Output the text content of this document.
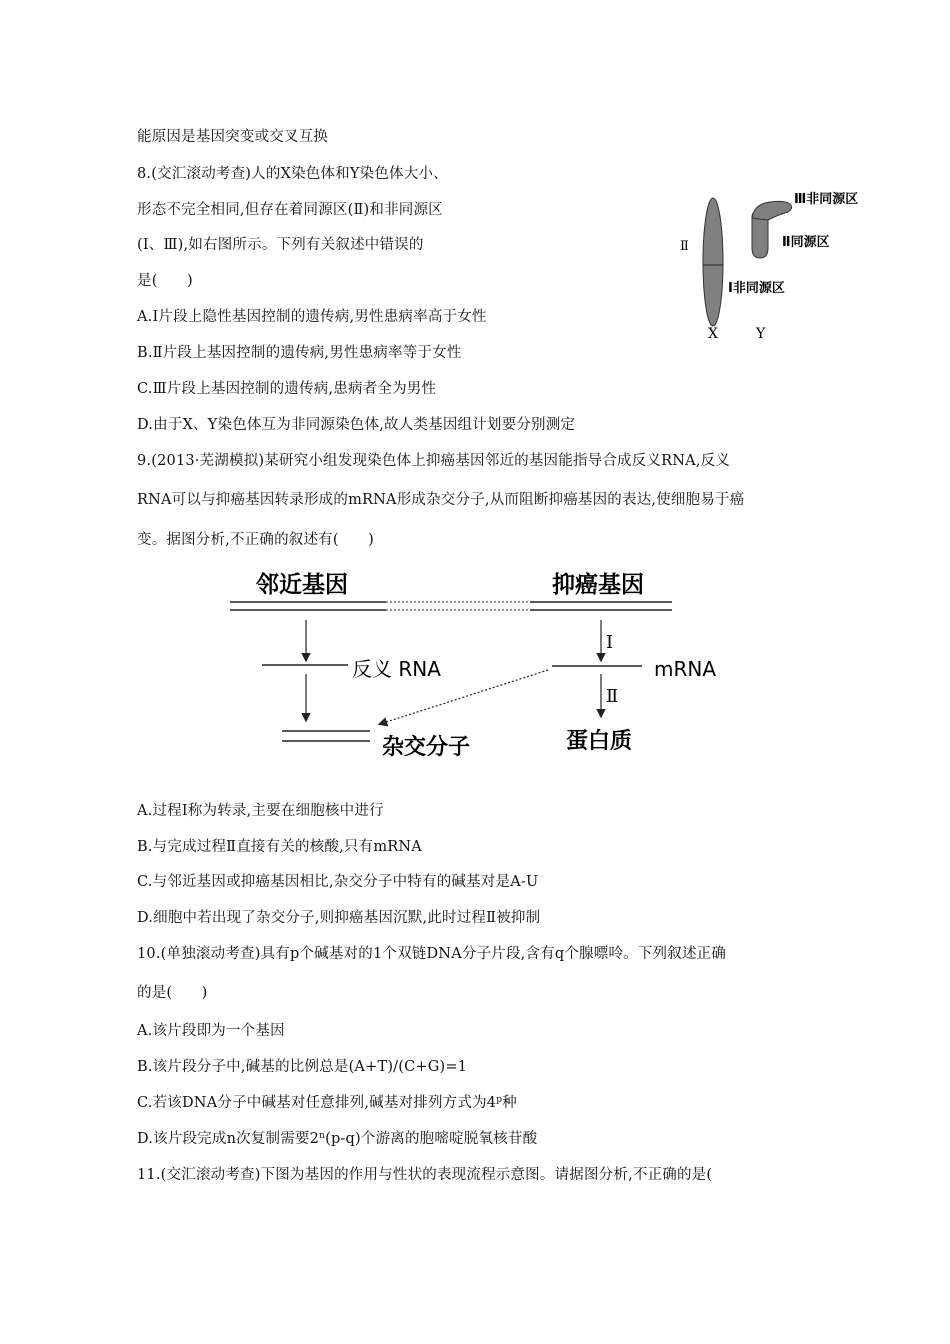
能原因是基因突变或交叉互换
8.(交汇滚动考查)人的X染色体和Y染色体大小、
形态不完全相同,但存在着同源区(Ⅱ)和非同源区
(Ⅰ、Ⅲ),如右图所示。下列有关叙述中错误的
是(　　)
A.Ⅰ片段上隐性基因控制的遗传病,男性患病率高于女性
B.Ⅱ片段上基因控制的遗传病,男性患病率等于女性
C.Ⅲ片段上基因控制的遗传病,患病者全为男性
D.由于X、Y染色体互为非同源染色体,故人类基因组计划要分别测定
9.(2013·芜湖模拟)某研究小组发现染色体上抑癌基因邻近的基因能指导合成反义RNA,反义
RNA可以与抑癌基因转录形成的mRNA形成杂交分子,从而阻断抑癌基因的表达,使细胞易于癌
变。据图分析,不正确的叙述有(　　)
A.过程Ⅰ称为转录,主要在细胞核中进行
B.与完成过程Ⅱ直接有关的核酸,只有mRNA
C.与邻近基因或抑癌基因相比,杂交分子中特有的碱基对是A-U
D.细胞中若出现了杂交分子,则抑癌基因沉默,此时过程Ⅱ被抑制
10.(单独滚动考查)具有p个碱基对的1个双链DNA分子片段,含有q个腺嘌呤。下列叙述正确
的是(　　)
A.该片段即为一个基因
B.该片段分子中,碱基的比例总是(A+T)/(C+G)=1
C.若该DNA分子中碱基对任意排列,碱基对排列方式为4$^p$种
D.该片段完成n次复制需要2$^n$(p-q)个游离的胞嘧啶脱氧核苷酸
11.(交汇滚动考查)下图为基因的作用与性状的表现流程示意图。请据图分析,不正确的是(
Ⅱ
Ⅲ非同源区
Ⅱ同源区
Ⅰ非同源区
X	Y
邻近基因	抑癌基因
反义 RNA
杂交分子
Ⅰ
mRNA
Ⅱ
蛋白质
